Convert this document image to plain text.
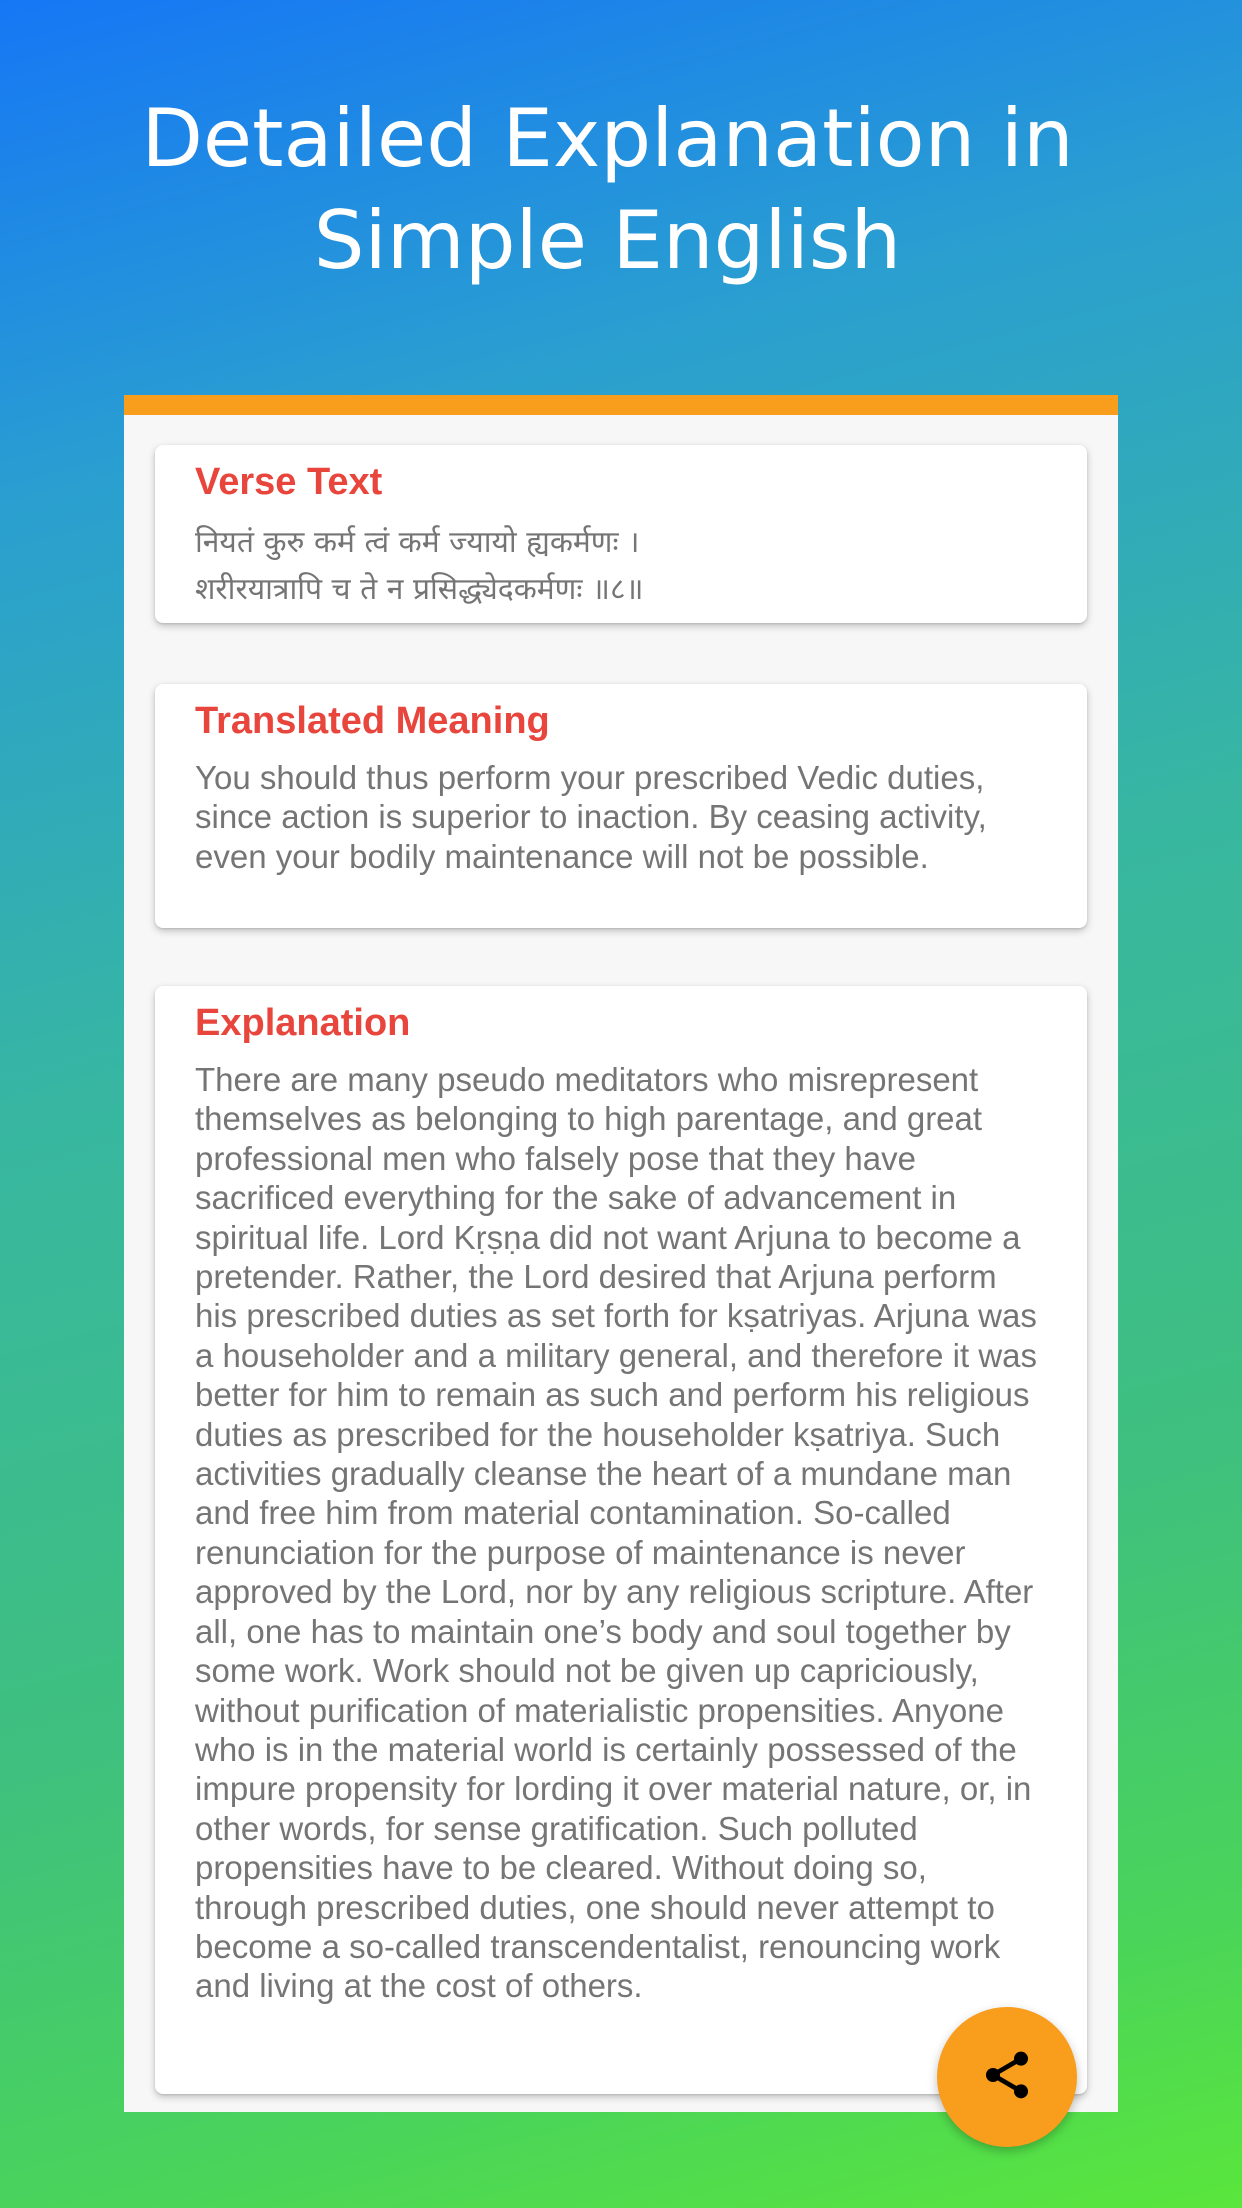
Detailed Explanation in
Simple English
Verse Text

नियतं कुरु कर्म त्वं कर्म ज्यायो ह्यकर्मणः ।
शरीरयात्रापि च ते न प्रसिद्ध्येदकर्मणः ॥८॥

Translated Meaning

You should thus perform your prescribed Vedic duties, since action is superior to inaction. By ceasing activity, even your bodily maintenance will not be possible.

Explanation

There are many pseudo meditators who misrepresent themselves as belonging to high parentage, and great professional men who falsely pose that they have sacrificed everything for the sake of advancement in spiritual life. Lord Kṛṣṇa did not want Arjuna to become a pretender. Rather, the Lord desired that Arjuna perform his prescribed duties as set forth for kṣatriyas. Arjuna was a householder and a military general, and therefore it was better for him to remain as such and perform his religious duties as prescribed for the householder kṣatriya. Such activities gradually cleanse the heart of a mundane man and free him from material contamination. So-called renunciation for the purpose of maintenance is never approved by the Lord, nor by any religious scripture. After all, one has to maintain one’s body and soul together by some work. Work should not be given up capriciously, without purification of materialistic propensities. Anyone who is in the material world is certainly possessed of the impure propensity for lording it over material nature, or, in other words, for sense gratification. Such polluted propensities have to be cleared. Without doing so, through prescribed duties, one should never attempt to become a so-called transcendentalist, renouncing work and living at the cost of others.
